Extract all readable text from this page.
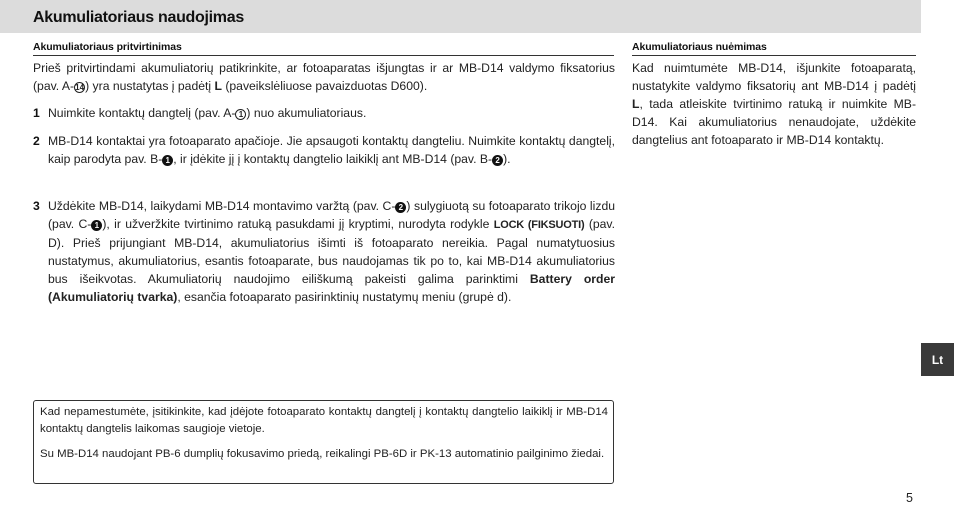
Akumuliatoriaus naudojimas
Akumuliatoriaus pritvirtinimas

Prieš pritvirtindami akumuliatorių patikrinkite, ar fotoaparatas išjungtas ir ar MB-D14 valdymo fiksatorius (pav. A-14) yra nustatytas į padėtį L (paveikslėliuose pavaizduotas D600).

1 Nuimkite kontaktų dangtelį (pav. A- 1 ) nuo akumuliatoriaus.

2 MB-D14 kontaktai yra fotoaparato apačioje. Jie apsaugoti kontaktų dangteliu. Nuimkite kontaktų dangtelį, kaip parodyta pav. B- 1 , ir įdėkite jį į kontaktų dangtelio laikiklį ant MB-D14 (pav. B- 2 ).

3 Uždėkite MB-D14, laikydami MB-D14 montavimo varžtą (pav. C- 2 ) sulygiuotą su fotoaparato trikojo lizdu (pav. C- 1 ), ir užveržkite tvirtinimo ratuką pasukdami jį kryptimi, nurodyta rodykle LOCK (FIKSUOTI) (pav. D). Prieš prijungiant MB-D14, akumuliatorius išimti iš fotoaparato nereikia. Pagal numatytuosius nustatymus, akumuliatorius, esantis fotoaparate, bus naudojamas tik po to, kai MB-D14 akumuliatorius bus išeikvotas. Akumuliatorių naudojimo eiliškumą pakeisti galima parinktimi Battery order (Akumuliatorių tvarka), esančia fotoaparato pasirinktinių nustatymų meniu (grupė d).

Kad nepamestumėte, įsitikinkite, kad įdėjote fotoaparato kontaktų dangtelį į kontaktų dangtelio laikiklį ir MB-D14 kontaktų dangtelis laikomas saugioje vietoje.

Su MB-D14 naudojant PB-6 dumplių fokusavimo priedą, reikalingi PB-6D ir PK-13 automatinio pailginimo žiedai.

Akumuliatoriaus nuėmimas

Kad nuimtumėte MB-D14, išjunkite fotoaparatą, nustatykite valdymo fiksatorių ant MB-D14 į padėtį L, tada atleiskite tvirtinimo ratuką ir nuimkite MB-D14. Kai akumuliatorius nenaudojate, uždėkite dangtelius ant fotoaparato ir MB-D14 kontaktų.

Lt
5
